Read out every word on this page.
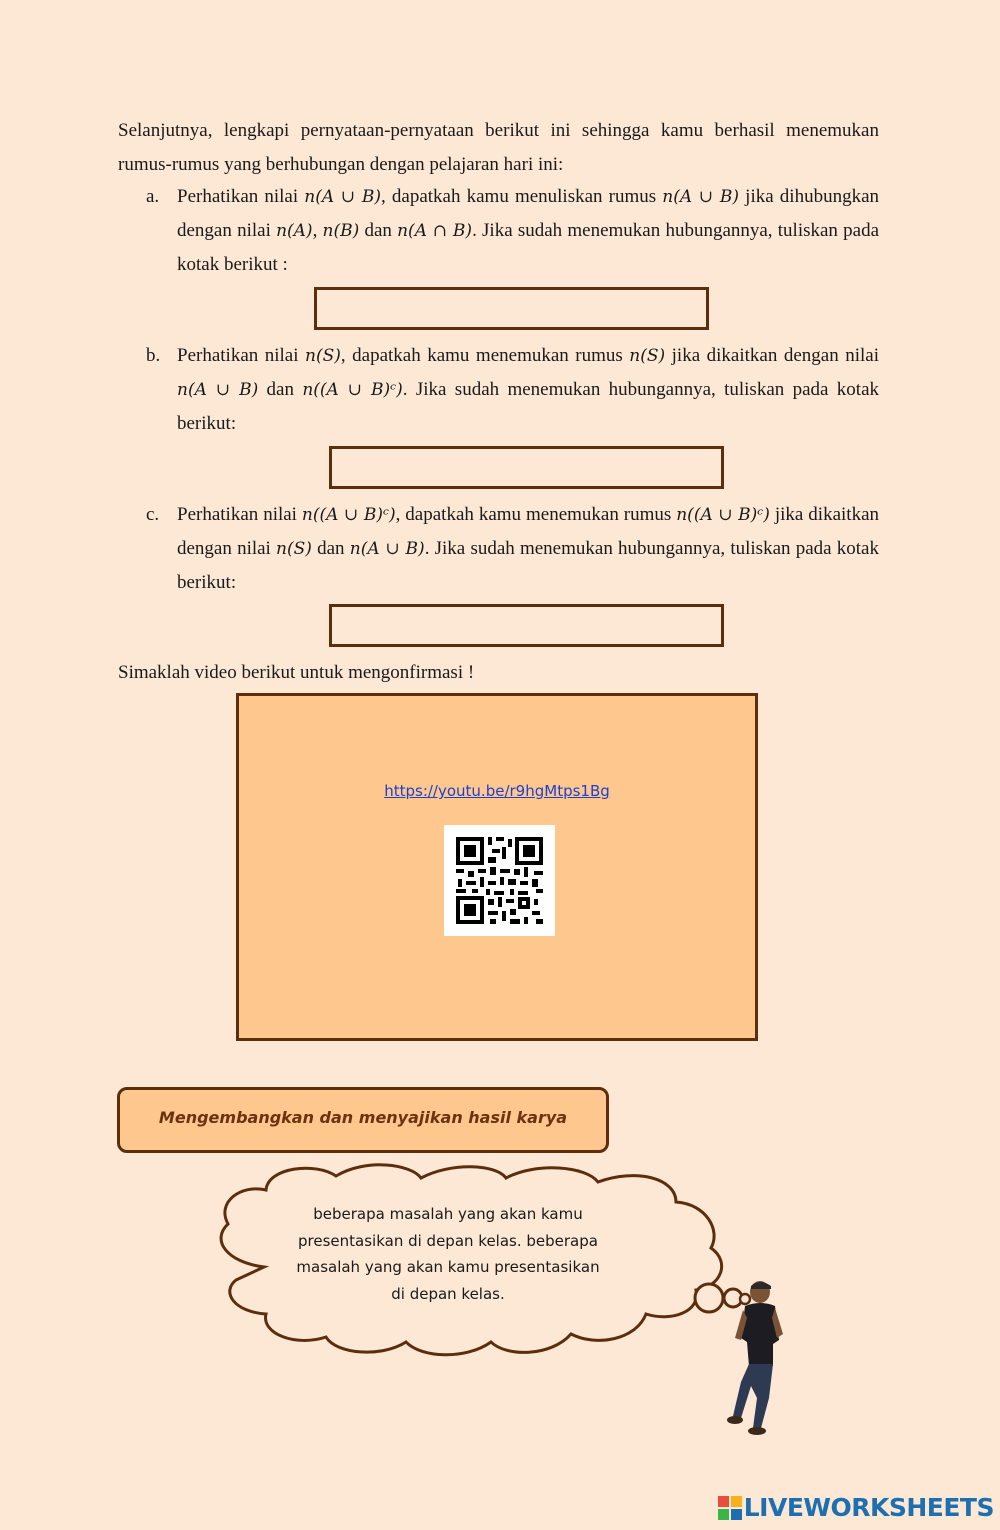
Selanjutnya, lengkapi pernyataan-pernyataan berikut ini sehingga kamu berhasil menemukan rumus-rumus yang berhubungan dengan pelajaran hari ini:

a. Perhatikan nilai n(A ∪ B), dapatkah kamu menuliskan rumus n(A ∪ B) jika dihubungkan dengan nilai n(A), n(B) dan n(A ∩ B). Jika sudah menemukan hubungannya, tuliskan pada kotak berikut :
b. Perhatikan nilai n(S), dapatkah kamu menemukan rumus n(S) jika dikaitkan dengan nilai n(A ∪ B) dan n((A ∪ B)ᶜ). Jika sudah menemukan hubungannya, tuliskan pada kotak berikut:
c. Perhatikan nilai n((A ∪ B)ᶜ), dapatkah kamu menemukan rumus n((A ∪ B)ᶜ) jika dikaitkan dengan nilai n(S) dan n(A ∪ B). Jika sudah menemukan hubungannya, tuliskan pada kotak berikut:
Simaklah video berikut untuk mengonfirmasi !
https://youtu.be/r9hgMtps1Bg
Mengembangkan dan menyajikan hasil karya
beberapa masalah yang akan kamu
presentasikan di depan kelas. beberapa
masalah yang akan kamu presentasikan
di depan kelas.
LIVEWORKSHEETS
